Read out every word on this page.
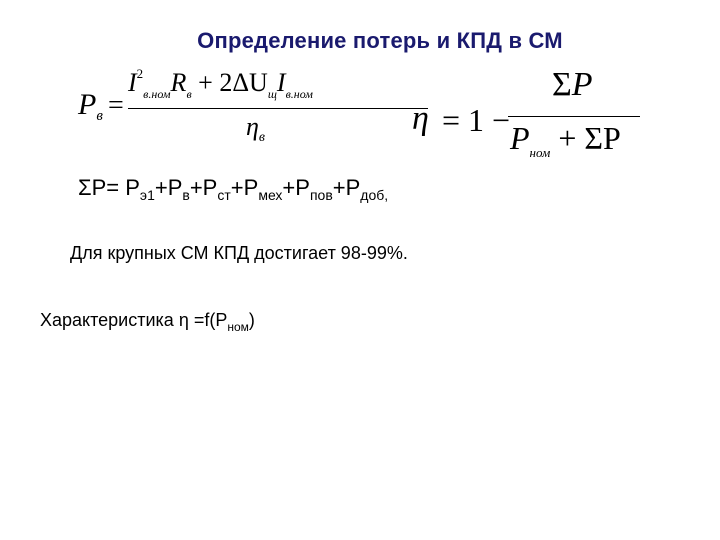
Определение потерь и КПД в СМ
$P_в$ =
$I^2_{в.ном}R_в + 2\Delta U_щI_{в.ном}$
$\eta_в$
η = 1 −
ΣP
$P_{ном} + \Sigma P$
$\Sigma Р= Р_{э1}+Р_в+Р_{ст}+Р_{мех}+Р_{пов}+Р_{доб,}$
Для крупных СМ КПД достигает 98-99%.
Характеристика $\eta =f(Р_{ном})$
